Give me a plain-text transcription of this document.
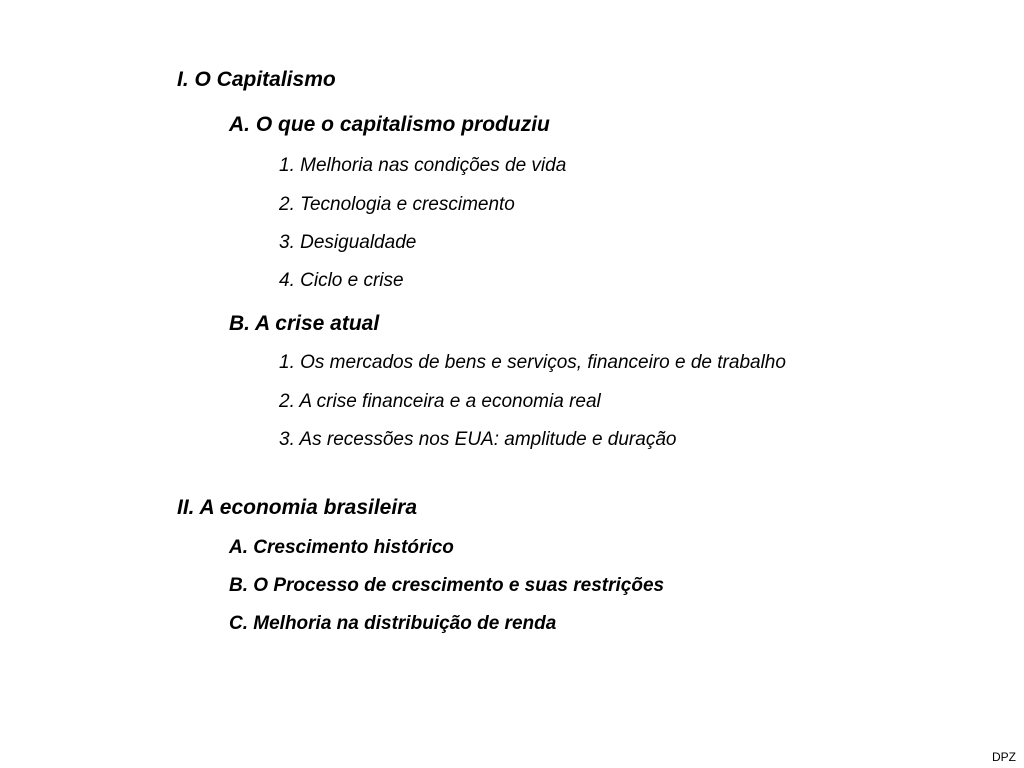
I. O Capitalismo
A. O que o capitalismo produziu
1. Melhoria nas condições de vida
2. Tecnologia e crescimento
3. Desigualdade
4. Ciclo e crise
B. A crise atual
1. Os mercados de bens e serviços, financeiro e de trabalho
2. A crise financeira e a economia real
3. As recessões nos EUA: amplitude e duração
II. A economia brasileira
A. Crescimento histórico
B. O Processo de crescimento e suas restrições
C. Melhoria na distribuição de renda
DPZ
